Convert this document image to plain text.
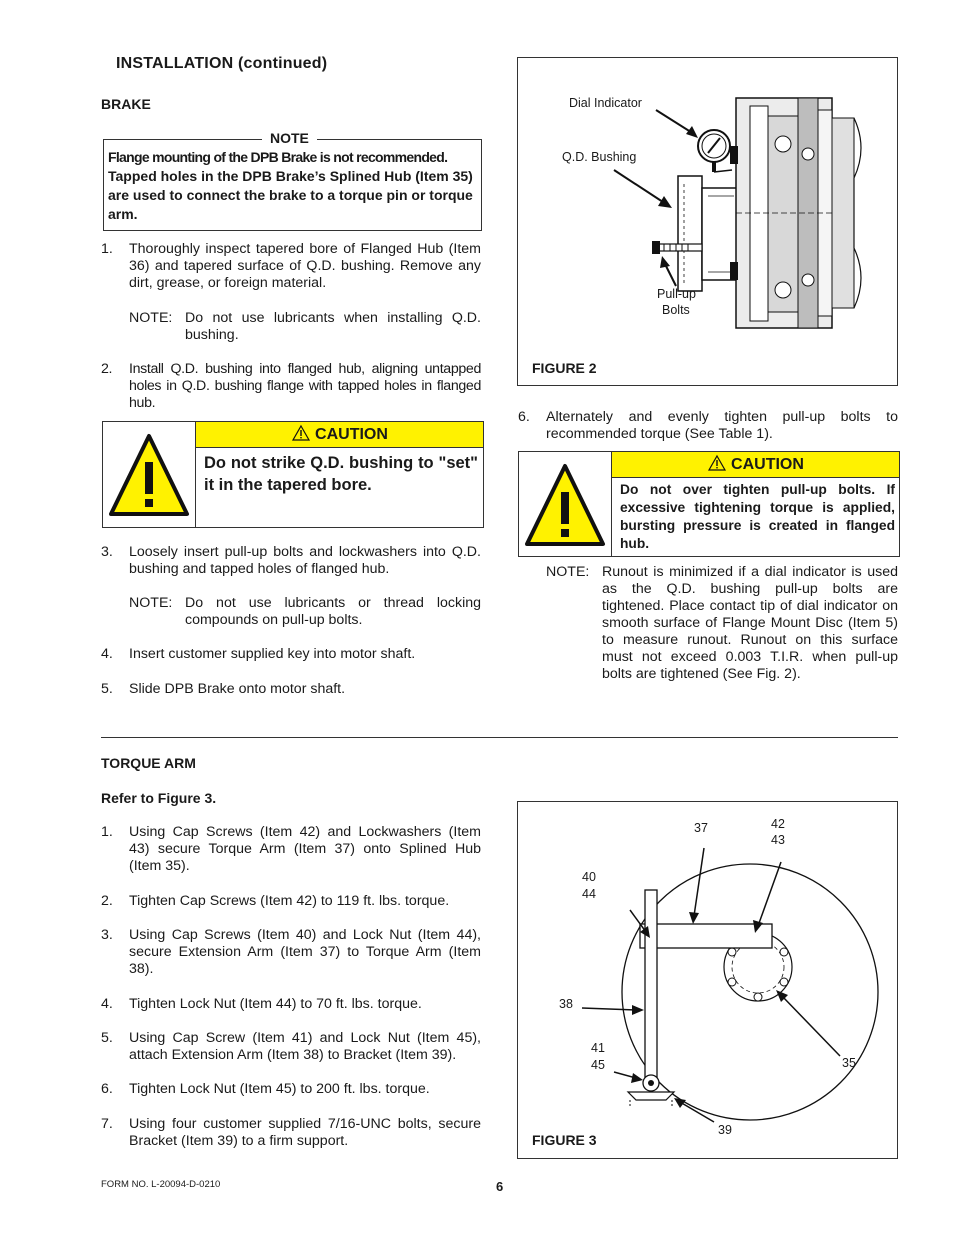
INSTALLATION (continued)
BRAKE
NOTE
Flange mounting of the DPB Brake is not recommended.
Tapped holes in the DPB Brake’s Splined Hub (Item 35) are used to connect the brake to a torque pin or torque arm.
1. Thoroughly inspect tapered bore of Flanged Hub (Item 36) and tapered surface of Q.D. bushing. Remove any dirt, grease, or foreign material.
NOTE: Do not use lubricants when installing Q.D. bushing.
2. Install Q.D. bushing into flanged hub, aligning untapped holes in Q.D. bushing flange with tapped holes in flanged hub.
CAUTION
Do not strike Q.D. bushing to "set" it in the tapered bore.
3. Loosely insert pull-up bolts and lockwashers into Q.D. bushing and tapped holes of flanged hub.
NOTE: Do not use lubricants or thread locking compounds on pull-up bolts.
4. Insert customer supplied key into motor shaft.
5. Slide DPB Brake onto motor shaft.
Dial Indicator
Q.D. Bushing
Pull-up
Bolts
FIGURE 2
6. Alternately and evenly tighten pull-up bolts to recommended torque (See Table 1).
CAUTION
Do not over tighten pull-up bolts. If excessive tightening torque is applied, bursting pressure is created in flanged hub.
NOTE: Runout is minimized if a dial indicator is used as the Q.D. bushing pull-up bolts are tightened. Place contact tip of dial indicator on smooth surface of Flange Mount Disc (Item 5) to measure runout. Runout on this surface must not exceed 0.003 T.I.R. when pull-up bolts are tightened (See Fig. 2).
TORQUE ARM
Refer to Figure 3.
1. Using Cap Screws (Item 42) and Lockwashers (Item 43) secure Torque Arm (Item 37) onto Splined Hub (Item 35).
2. Tighten Cap Screws (Item 42) to 119 ft. lbs. torque.
3. Using Cap Screws (Item 40) and Lock Nut (Item 44), secure Extension Arm (Item 37) to Torque Arm (Item 38).
4. Tighten Lock Nut (Item 44) to 70 ft. lbs. torque.
5. Using Cap Screw (Item 41) and Lock Nut (Item 45), attach Extension Arm (Item 38) to Bracket (Item 39).
6. Tighten Lock Nut (Item 45) to 200 ft. lbs. torque.
7. Using four customer supplied 7/16-UNC bolts, secure Bracket (Item 39) to a firm support.
37	42
43
40
44
38
41
45	35
39
FIGURE 3
FORM NO. L-20094-D-0210	6
